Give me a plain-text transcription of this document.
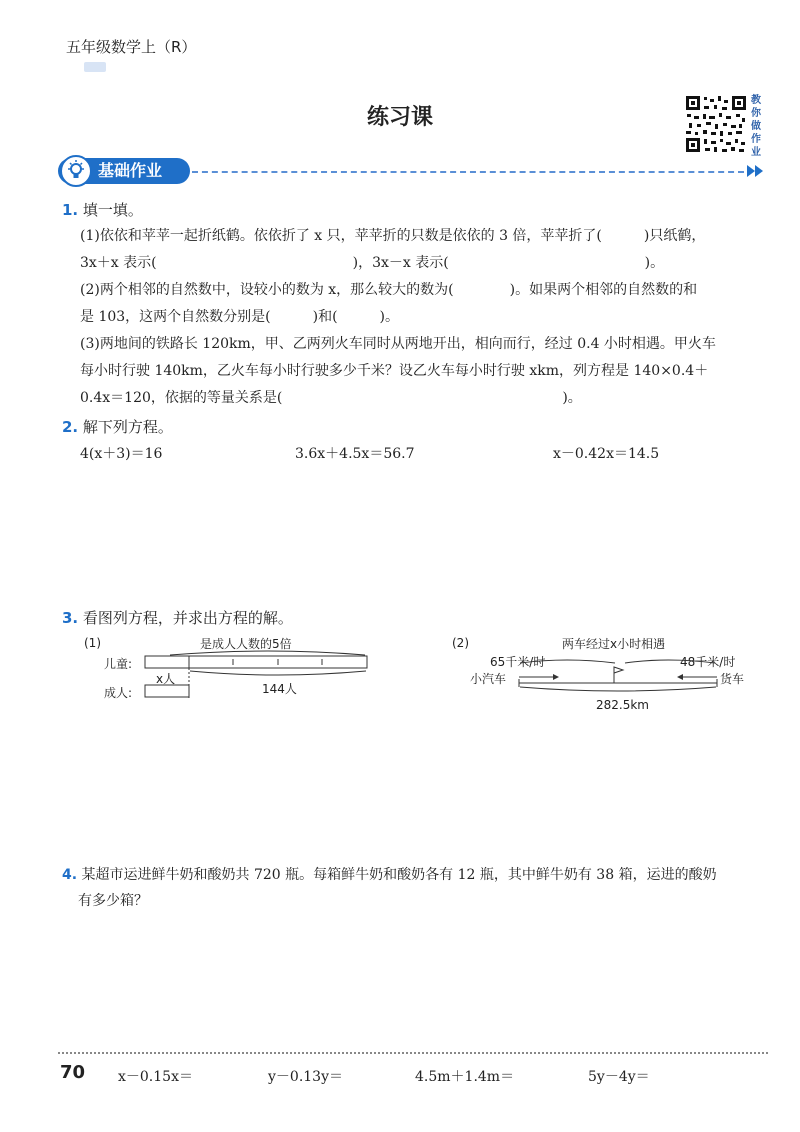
五年级数学上（R）
练习课
教
你
做
作
业
基础作业
1. 填一填。
(1)依依和苹苹一起折纸鹤。依依折了 x 只，苹苹折的只数是依依的 3 倍，苹苹折了(　　　)只纸鹤，
3x＋x 表示(　　　　　　　　　　　　　　)，3x－x 表示(　　　　　　　　　　　　　　)。
(2)两个相邻的自然数中，设较小的数为 x，那么较大的数为(　　　　)。如果两个相邻的自然数的和
是 103，这两个自然数分别是(　　　)和(　　　)。
(3)两地间的铁路长 120km，甲、乙两列火车同时从两地开出，相向而行，经过 0.4 小时相遇。甲火车
每小时行驶 140km，乙火车每小时行驶多少千米？设乙火车每小时行驶 xkm，列方程是 140×0.4＋
0.4x＝120，依据的等量关系是(　　　　　　　　　　　　　　　　　　　　)。
2. 解下列方程。
4(x＋3)＝16	3.6x＋4.5x＝56.7	x－0.42x＝14.5
3. 看图列方程，并求出方程的解。
(1)	是成人人数的5倍
儿童:
成人:
x人
144人
(2)	两车经过x小时相遇
65千米/时	48千米/时
小汽车	货车
282.5km
4. 某超市运进鲜牛奶和酸奶共 720 瓶。每箱鲜牛奶和酸奶各有 12 瓶，其中鲜牛奶有 38 箱，运进的酸奶
有多少箱？
70 x－0.15x＝	y－0.13y＝	4.5m＋1.4m＝	5y－4y＝
